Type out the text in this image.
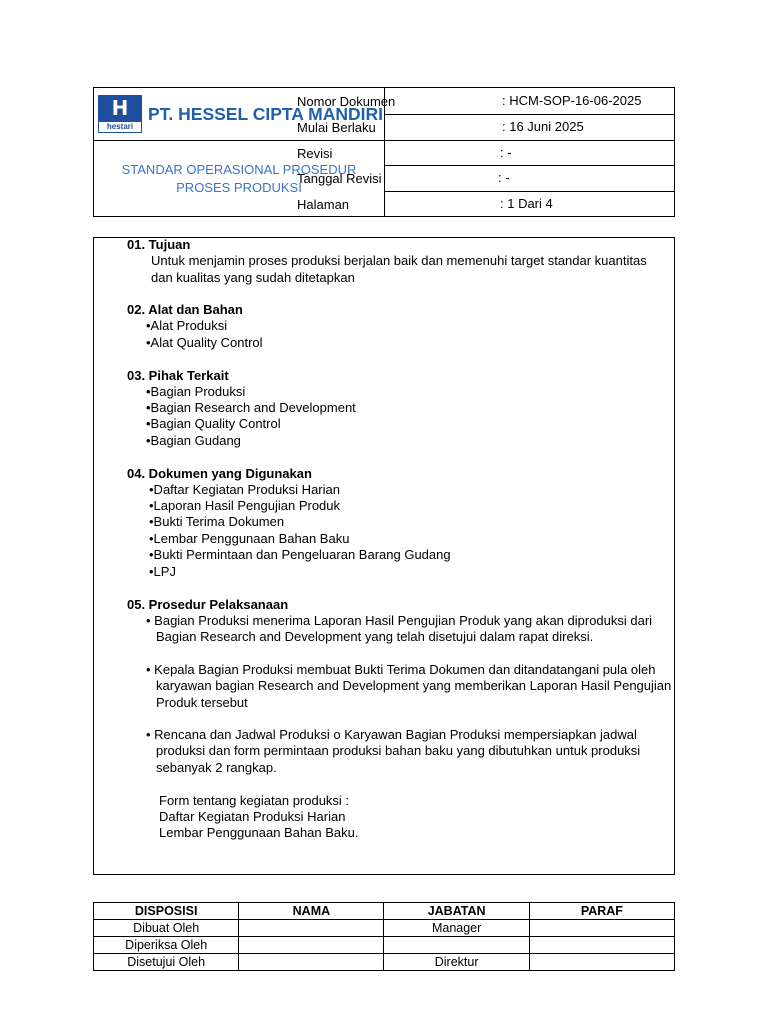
H
hestari
PT. HESSEL CIPTA MANDIRI
STANDAR OPERASIONAL PROSEDUR
PROSES PRODUKSI
Nomor Dokumen	: HCM-SOP-16-06-2025
Mulai Berlaku	: 16 Juni 2025
Revisi	: -
Tanggal Revisi	: -
Halaman	: 1 Dari 4
01. Tujuan
Untuk menjamin proses produksi berjalan baik dan memenuhi target standar kuantitas
dan kualitas yang sudah ditetapkan
02. Alat dan Bahan
•Alat Produksi
•Alat Quality Control
03. Pihak Terkait
•Bagian Produksi
•Bagian Research and Development
•Bagian Quality Control
•Bagian Gudang
04. Dokumen yang Digunakan
•Daftar Kegiatan Produksi Harian
•Laporan Hasil Pengujian Produk
•Bukti Terima Dokumen
•Lembar Penggunaan Bahan Baku
•Bukti Permintaan dan Pengeluaran Barang Gudang
•LPJ
05. Prosedur Pelaksanaan
• Bagian Produksi menerima Laporan Hasil Pengujian Produk yang akan diproduksi dari
Bagian Research and Development yang telah disetujui dalam rapat direksi.
• Kepala Bagian Produksi membuat Bukti Terima Dokumen dan ditandatangani pula oleh
karyawan bagian Research and Development yang memberikan Laporan Hasil Pengujian
Produk tersebut
• Rencana dan Jadwal Produksi o Karyawan Bagian Produksi mempersiapkan jadwal
produksi dan form permintaan produksi bahan baku yang dibutuhkan untuk produksi
sebanyak 2 rangkap.
Form tentang kegiatan produksi :
Daftar Kegiatan Produksi Harian
Lembar Penggunaan Bahan Baku.
DISPOSISI	NAMA	JABATAN	PARAF
Dibuat Oleh		Manager	
Diperiksa Oleh			
Disetujui Oleh		Direktur	
